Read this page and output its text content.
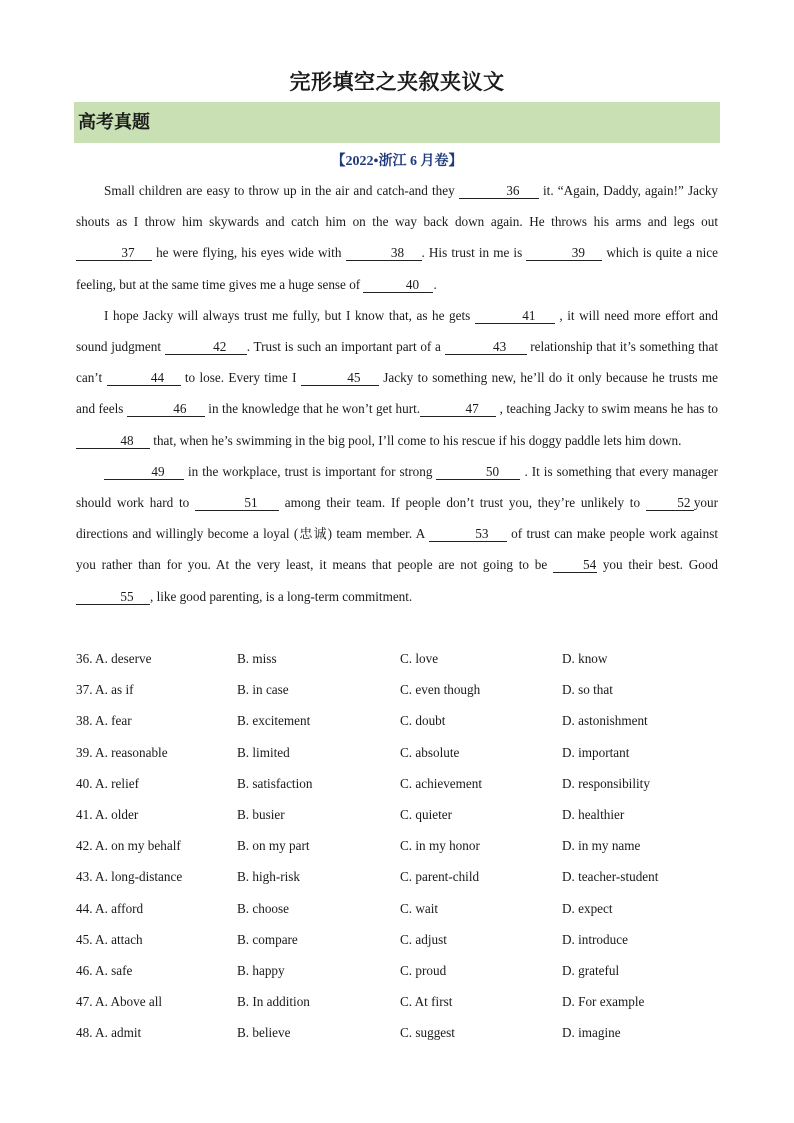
完形填空之夹叙夹议文
高考真题
【2022•浙江 6 月卷】

Small children are easy to throw up in the air and catch-and they	36 it. “Again, Daddy, again!” Jacky shouts as I throw him skywards and catch him on the way back down again. He throws his arms and legs out 37 he were flying, his eyes wide with	38 . His trust in me is	39 which is quite a nice feeling, but at the same time gives me a huge sense of	40 .

I hope Jacky will always trust me fully, but I know that, as he gets	41 , it will need more effort and sound judgment	42 . Trust is such an important part of a	43 relationship that it’s something that can’t	44 to lose. Every time I	45 Jacky to something new, he’ll do it only because he trusts me and feels	46 in the knowledge that he won’t get hurt.	47 , teaching Jacky to swim means he has to 48 that, when he’s swimming in the big pool, I’ll come to his rescue if his doggy paddle lets him down.

49 in the workplace, trust is important for strong	50 . It is something that every manager should work hard to	51 among their team. If people don’t trust you, they’re unlikely to 52 your directions and willingly become a loyal (忠诚) team member. A	53 of trust can make people work against you rather than for you. At the very least, it means that people are not going to be 54 you their best. Good 55 , like good parenting, is a long-term commitment.

36. A. deserve	B. miss	C. love	D. know
37. A. as if	B. in case	C. even though	D. so that
38. A. fear	B. excitement	C. doubt	D. astonishment
39. A. reasonable	B. limited	C. absolute	D. important
40. A. relief	B. satisfaction	C. achievement	D. responsibility
41. A. older	B. busier	C. quieter	D. healthier
42. A. on my behalf	B. on my part	C. in my honor	D. in my name
43. A. long-distance	B. high-risk	C. parent-child	D. teacher-student
44. A. afford	B. choose	C. wait	D. expect
45. A. attach	B. compare	C. adjust	D. introduce
46. A. safe	B. happy	C. proud	D. grateful
47. A. Above all	B. In addition	C. At first	D. For example
48. A. admit	B. believe	C. suggest	D. imagine
